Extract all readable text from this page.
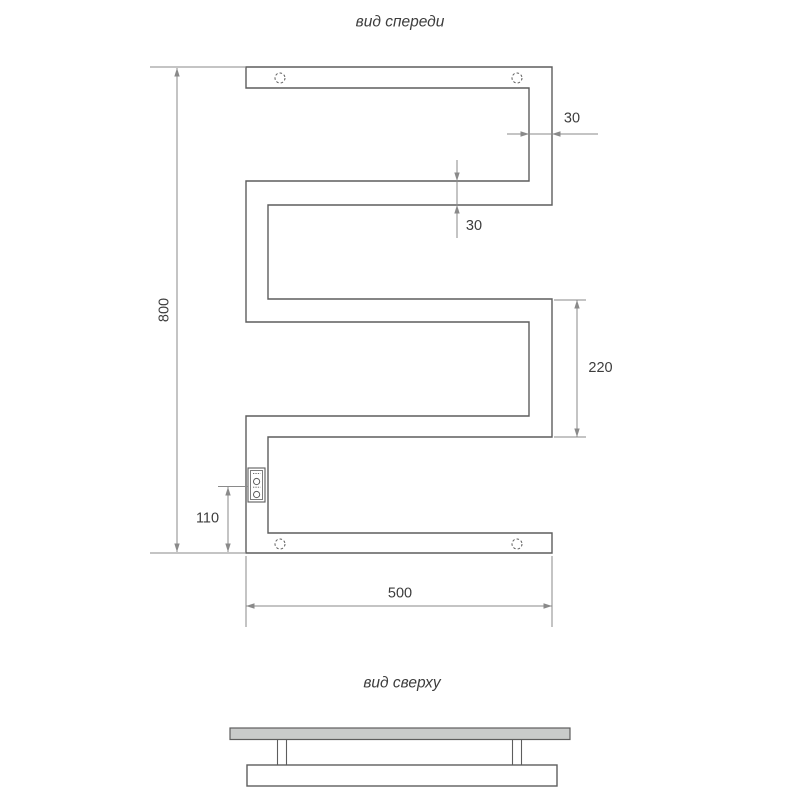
вид спереди
800
30
30
220
110
500
вид сверху
